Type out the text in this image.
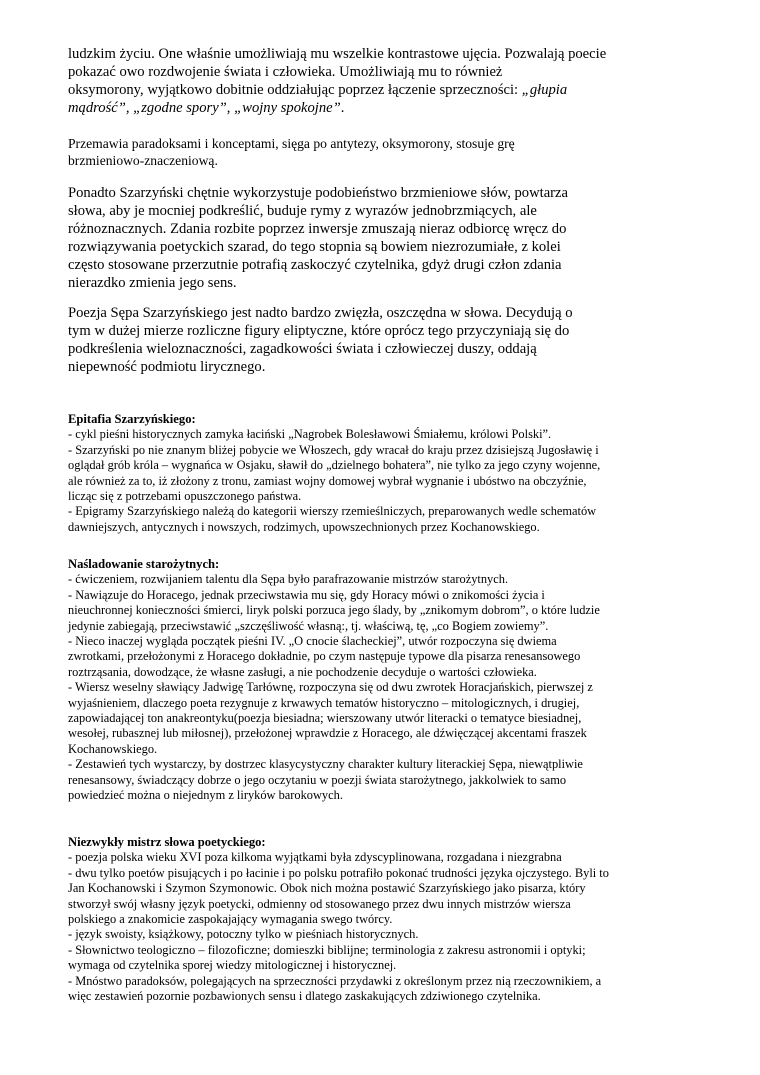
ludzkim życiu. One właśnie umożliwiają mu wszelkie kontrastowe ujęcia. Pozwalają poecie

pokazać owo rozdwojenie świata i człowieka. Umożliwiają mu to również

oksymorony, wyjątkowo dobitnie oddziałując poprzez łączenie sprzeczności: „głupia

mądrość”, „zgodne spory”, „wojny spokojne”.

Przemawia paradoksami i konceptami, sięga po antytezy, oksymorony, stosuje grę

brzmieniowo-znaczeniową.

Ponadto Szarzyński chętnie wykorzystuje podobieństwo brzmieniowe słów, powtarza

słowa, aby je mocniej podkreślić, buduje rymy z wyrazów jednobrzmiących, ale

różnoznacznych. Zdania rozbite poprzez inwersje zmuszają nieraz odbiorcę wręcz do

rozwiązywania poetyckich szarad, do tego stopnia są bowiem niezrozumiałe, z kolei

często stosowane przerzutnie potrafią zaskoczyć czytelnika, gdyż drugi człon zdania

nierazdko zmienia jego sens.

Poezja Sępa Szarzyńskiego jest nadto bardzo zwięzła, oszczędna w słowa. Decydują o

tym w dużej mierze rozliczne figury eliptyczne, które oprócz tego przyczyniają się do

podkreślenia wieloznaczności, zagadkowości świata i człowieczej duszy, oddają

niepewność podmiotu lirycznego.

Epitafia Szarzyńskiego:

- cykl pieśni historycznych zamyka łaciński „Nagrobek Bolesławowi Śmiałemu, królowi Polski”.

- Szarzyński po nie znanym bliżej pobycie we Włoszech, gdy wracał do kraju przez dzisiejszą Jugosławię i

oglądał grób króla – wygnańca w Osjaku, sławił do „dzielnego bohatera”, nie tylko za jego czyny wojenne,

ale również za to, iż złożony z tronu, zamiast wojny domowej wybrał wygnanie i ubóstwo na obczyźnie,

licząc się z potrzebami opuszczonego państwa.

- Epigramy Szarzyńskiego należą do kategorii wierszy rzemieślniczych, preparowanych wedle schematów

dawniejszych, antycznych i nowszych, rodzimych, upowszechnionych przez Kochanowskiego.

Naśladowanie starożytnych:

- ćwiczeniem, rozwijaniem talentu dla Sępa było parafrazowanie mistrzów starożytnych.

- Nawiązuje do Horacego, jednak przeciwstawia mu się, gdy Horacy mówi o znikomości życia i

nieuchronnej konieczności śmierci, liryk polski porzuca jego ślady, by „znikomym dobrom”, o które ludzie

jedynie zabiegają, przeciwstawić „szczęśliwość własną:, tj. właściwą, tę, „co Bogiem zowiemy”.

- Nieco inaczej wygląda początek pieśni IV. „O cnocie ślacheckiej”, utwór rozpoczyna się dwiema

zwrotkami, przełożonymi z Horacego dokładnie, po czym następuje typowe dla pisarza renesansowego

roztrząsania, dowodzące, że własne zasługi, a nie pochodzenie decyduje o wartości człowieka.

- Wiersz weselny sławiący Jadwigę Tarłównę, rozpoczyna się od dwu zwrotek Horacjańskich, pierwszej z

wyjaśnieniem, dlaczego poeta rezygnuje z krwawych tematów historyczno – mitologicznych, i drugiej,

zapowiadającej ton anakreontyku(poezja biesiadna; wierszowany utwór literacki o tematyce biesiadnej,

wesołej, rubasznej lub miłosnej), przełożonej wprawdzie z Horacego, ale dźwięczącej akcentami fraszek

Kochanowskiego.

- Zestawień tych wystarczy, by dostrzec klasycystyczny charakter kultury literackiej Sępa, niewątpliwie

renesansowy, świadczący dobrze o jego oczytaniu w poezji świata starożytnego, jakkolwiek to samo

powiedzieć można o niejednym z liryków barokowych.

Niezwykły mistrz słowa poetyckiego:

- poezja polska wieku XVI poza kilkoma wyjątkami była zdyscyplinowana, rozgadana i niezgrabna

- dwu tylko poetów pisujących i po łacinie i po polsku potrafiło pokonać trudności języka ojczystego. Byli to

Jan Kochanowski i Szymon Szymonowic. Obok nich można postawić Szarzyńskiego jako pisarza, który

stworzył swój własny język poetycki, odmienny od stosowanego przez dwu innych mistrzów wiersza

polskiego a znakomicie zaspokajający wymagania swego twórcy.

- język swoisty, książkowy, potoczny tylko w pieśniach historycznych.

- Słownictwo teologiczno – filozoficzne; domieszki biblijne; terminologia z zakresu astronomii i optyki;

wymaga od czytelnika sporej wiedzy mitologicznej i historycznej.

- Mnóstwo paradoksów, polegających na sprzeczności przydawki z określonym przez nią rzeczownikiem, a

więc zestawień pozornie pozbawionych sensu i dlatego zaskakujących zdziwionego czytelnika.
